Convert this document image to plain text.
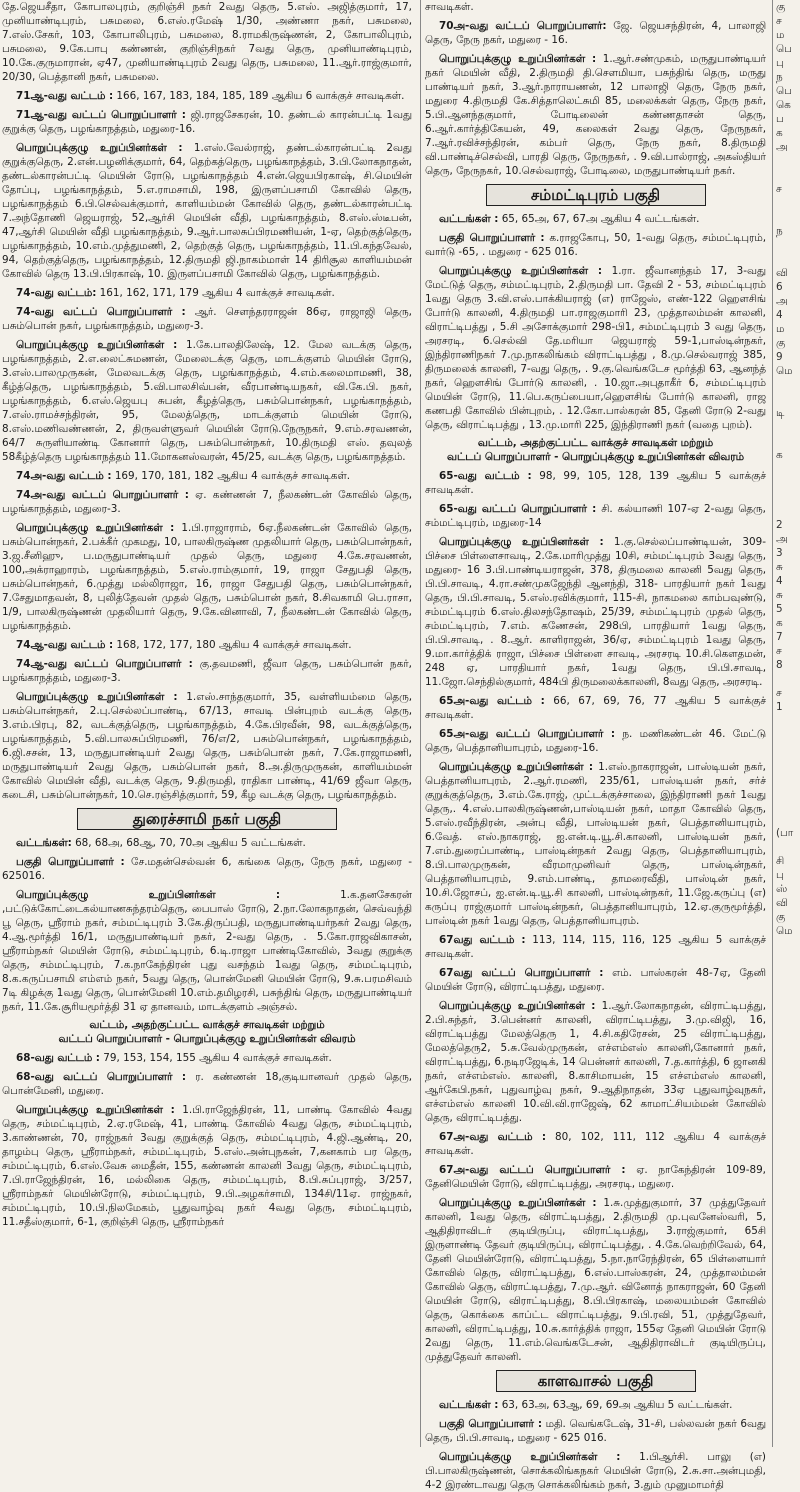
தே.ஜெயசீதா, கோபாலபுரம், குறிஞ்சி நகர் 2வது தெரு, 5.எஸ். அஜித்குமார், 17, முனியாண்டிபுரம், பசுமலை, 6.எஸ்.ரமேஷ் 1/30, அண்ணா நகர், பசுமலை, 7.எஸ்.சேகர், 103, கோபாலிபுரம், பசுமலை, 8.ராமகிருஷ்ணன், 2, கோபாலிபுரம், பசுமலை, 9.கே.பாபு கண்ணன், குறிஞ்சிநகர் 7வது தெரு, முனியாண்டிபுரம், 10.கே.குருமாரான், ஏ47, முனியாண்டிபுரம் 2வது தெரு, பசுமலை, 11.ஆர்.ராஜ்குமார், 20/30, பெத்தானி நகர், பசுமலை.

71ஆ-வது வட்டம் : 166, 167, 183, 184, 185, 189 ஆகிய 6 வாக்குச் சாவடிகள்.

71ஆ-வது வட்டப் பொறுப்பாளர் : ஜி.ராஜசேகரன், 10. தண்டல் காரன்பட்டி 1வது குறுக்கு தெரு, பழங்காநத்தம், மதுரை-16.

பொறுப்புக்குழு உறுப்பினர்கள் : 1.எஸ்.வேல்ராஜ், தண்டல்காரன்பட்டி 2வது குறுக்குதெரு, 2.என்.பழனிக்குமார், 64, தெற்கத்தெரு, பழங்காநத்தம், 3.பி.லோகநாதன், தண்டல்காரன்பட்டி மெயின் ரோடு, பழங்காநத்தம் 4.என்.ஜெயபிரகாஷ், சி.மெயின் தோப்பு, பழங்காநத்தம், 5.எ.ராமசாமி, 198, இருளப்பசாமி கோவில் தெரு, பழங்காநத்தம் 6.பி.செல்வக்குமார், காளியம்மன் கோவில் தெரு, தண்டல்காரன்பட்டி 7.அந்தோணி ஜெயராஜ், 52,ஆர்சி மெயின் வீதி, பழங்காநத்தம், 8.எஸ்.ஸ்டீபன், 47,ஆர்சி மெயின் வீதி பழங்காநத்தம், 9.ஆர்.பாலசுப்பிரமணியன், 1-ஏ, தெற்குத்தெரு, பழங்காநத்தம், 10.எம்.முத்துமணி, 2, தெற்குத் தெரு, பழங்காநத்தம், 11.பி.கந்தவேல், 94, தெற்குத்தெரு, பழங்காநத்தம், 12.திருமதி ஜி.நாகம்மாள் 14 திரிசூல காளியம்மன் கோவில் தெரு 13.பி.பிரகாஷ், 10. இருளப்பசாமி கோவில் தெரு, பழங்காநத்தம்.

74-வது வட்டம்: 161, 162, 171, 179 ஆகிய 4 வாக்குச் சாவடிகள்.

74-வது வட்டப் பொறுப்பாளர் : ஆர். சௌந்தரராஜன் 86ஏ, ராஜாஜி தெரு, பசும்பொன் நகர், பழங்காநத்தம், மதுரை-3.

பொறுப்புக்குழு உறுப்பினர்கள் : 1.கே.பாலதிலேஷ், 12. மேல வடக்கு தெரு, பழங்காநத்தம், 2.எ.லைட்சுமணன், மேலைடக்கு தெரு, மாடக்குளம் மெயின் ரோடு, 3.எஸ்.பாலமுருகன், மேலவடக்கு தெரு, பழங்காநத்தம், 4.எம்.கலைமாமணி, 38, கீழ்த்தெரு, பழங்காநத்தம், 5.வி.பாலசிவ்பன், வீரபாண்டியநகர், வி.கே.பி. நகர், பழங்காநத்தம், 6.எஸ்.ஜெயபு சுபன், கீழத்தெரு, பசும்பொன்நகர், பழங்காநத்தம், 7.எஸ்.ராமச்சந்திரன், 95, மேலத்தெரு, மாடக்குளம் மெயின் ரோடு, 8.எஸ்.மணிவண்ணன், 2, திருவள்ளுவர் மெயின் ரோடு.நேருநகர், 9.எம்.சரவணன், 64/7 சுருளியாண்டி கோனார் தெரு, பசும்பொன்நகர், 10.திருமதி எஸ். தவுலத் 58கீழ்த்தெரு பழங்காநத்தம் 11.மோகனஸ்வரன், 45/25, வடக்கு தெரு, பழங்காநத்தம்.

74அ-வது வட்டம் : 169, 170, 181, 182 ஆகிய 4 வாக்குச் சாவடிகள்.

74அ-வது வட்டப் பொறுப்பாளர் : ஏ. கண்ணன் 7, நீலகண்டன் கோவில் தெரு, பழங்காநத்தம், மதுரை-3.

பொறுப்புக்குழு உறுப்பினர்கள் : 1.பி.ராஜாராம், 6ஏ.நீலகண்டன் கோவில் தெரு, பசும்பொன்நகர், 2.பக்கீர் முகமது, 10, பாலகிருஷ்ண முதலியார் தெரு, பசும்பொன்நகர், 3.ஜ.சீனிஹு, ப.மருதுபாண்டியர் முதல் தெரு, மதுரை 4.கே.சரவணன், 100,அக்ராஹாரம், பழங்காநத்தம், 5.எஸ்.ராம்குமார், 19, ராஜா சேதுபதி தெரு, பசும்பொன்நகர், 6.முத்து மல்லிராஜா, 16, ராஜா சேதுபதி தெரு, பசும்பொன்நகர், 7.சேதுமாதவன், 8, புலித்தேவன் முதல் தெரு, பசும்பொன் நகர், 8.சிவகாமி பெ.ராசா, 1/9, பாலகிருஷ்ணன் முதலியார் தெரு, 9.கே.வினாவி, 7, நீலகண்டன் கோவில் தெரு, பழங்காநத்தம்.

74ஆ-வது வட்டம் : 168, 172, 177, 180 ஆகிய 4 வாக்குச் சாவடிகள்.

74ஆ-வது வட்டப் பொறுப்பாளர் : கு.தவமணி, ஜீவா தெரு, பசும்பொன் நகர், பழங்காநத்தம், மதுரை-3.

பொறுப்புக்குழு உறுப்பினர்கள் : 1.எஸ்.சாந்தகுமார், 35, வள்ளியம்மை தெரு, பசும்பொன்நகர், 2.பு.செல்லப்பாண்டி, 67/13, சாவடி பின்புறம் வடக்கு தெரு, 3.எம்.பிரபு, 82, வடக்குத்தெரு, பழங்காநத்தம், 4.கே.பிரவீன், 98, வடக்குத்தெரு, பழங்காநத்தம், 5.வி.பாலசுப்பிரமணி, 76/எ/2, பசும்பொன்நகர், பழங்காநத்தம், 6.ஜி.சசன், 13, மருதுபாண்டியர் 2வது தெரு, பசும்பொன் நகர், 7.கே.ராஜாமணி, மருதுபாண்டியர் 2வது தெரு, பசும்பொன் நகர், 8.அ.திருமுருகன், காளியம்மன் கோவில் மெயின் வீதி, வடக்கு தெரு, 9.திருமதி, ராதிகா பாண்டி, 41/69 ஜீவா தெரு, கடைசி, பசும்பொன்நகர், 10.செ.ரஞ்சித்குமார், 59, கீழ வடக்கு தெரு, பழங்காநத்தம்.

துரைச்சாமி நகர் பகுதி

வட்டங்கள்: 68, 68அ, 68ஆ, 70, 70அ ஆகிய 5 வட்டங்கள்.

பகுதி பொறுப்பாளர் : சே.மதன்செல்வன் 6, கங்கை தெரு, நேரு நகர், மதுரை - 625016.

பொறுப்புக்குழு உறுப்பினர்கள் : 1.க.தனசேகரன் ,பட்டுக்கோட்டைகல்யாணசுந்தரம்தெரு, பைபாஸ் ரோடு, 2.நா.லோகநாதன், செவ்வந்தி பூ தெரு, ஸ்ரீராம் நகர், சம்மட்டிபுரம் 3.கே.திருப்பதி, மருதுபாண்டியர்நகர் 2வது தெரு, 4.ஆ.மூர்த்தி 16/1, மருதுபாண்டியர் நகர், 2-வது தெரு, . 5.கோ.ராஜவிகாசன், ஸ்ரீராம்நகர் மெயின் ரோடு, சம்மட்டிபுரம், 6.டி.ராஜா பாண்டிகோவில், 3வது குறுக்கு தெரு, சம்மட்டிபுரம், 7.க.நாகேந்திரன் புது வசந்தம் 1வது தெரு, சம்மட்டிபுரம், 8.க.கருப்பசாமி எம்எம் நகர், 5வது தெரு, பொன்மேனி மெயின் ரோடு, 9.சு.பரமசிவம் 7டி கிழக்கு 1வது தெரு, பொன்மேனி 10.எம்.தமிழரசி, பசுந்திங் தெரு, மருதுபாண்டியர் நகர், 11.கே.சூரியமூர்த்தி 31 ஏ தானவம், மாடக்குளம் அஞ்சல்.

வட்டம், அதற்குட்பட்ட வாக்குச் சாவடிகள் மற்றும்
வட்டப் பொறுப்பாளர் - பொறுப்புக்குழு உறுப்பினர்கள் விவரம்

68-வது வட்டம் : 79, 153, 154, 155 ஆகிய 4 வாக்குச் சாவடிகள்.

68-வது வட்டப் பொறுப்பாளர் : ர. கண்ணன் 18,குடியானவர் முதல் தெரு, பொன்மேனி, மதுரை.

பொறுப்புக்குழு உறுப்பினர்கள் : 1.பி.ராஜேந்திரன், 11, பாண்டி கோவில் 4வது தெரு, சம்மட்டிபுரம், 2.ஏ.ரமேஷ், 41, பாண்டி கோவில் 4வது தெரு, சம்மட்டிபுரம், 3.காண்ணன், 70, ராஜ்நகர் 3வது குறுக்குத் தெரு, சம்மட்டிபுரம், 4.ஜி.ஆண்டி, 20, தாழம்பு தெரு, ஸ்ரீராம்நகர், சம்மட்டிபுரம், 5.எஸ்.அன்புநகன், 7,கனகாம் பர தெரு, சம்மட்டிபுரம், 6.எஸ்.வேசு மைதீன், 155, கண்ணன் காலனி 3வது தெரு, சம்மட்டிபுரம், 7.பி.ராஜேந்திரன், 16, மல்லிகை தெரு, சம்மட்டிபுரம், 8.பி.சுப்புராஜ், 3/257, ஸ்ரீராம்நகர் மெயின்ரோடு, சம்மட்டிபுரம், 9.பி.அழகர்சாமி, 134சி/11ஏ. ராஜ்நகர், சம்மட்டிபுரம், 10.பி.நிலமேகம், பூதுவாழ்வு நகர் 4வது தெரு, சம்மட்டிபுரம், 11.சதீஸ்குமார், 6-1, குறிஞ்சி தெரு, ஸ்ரீராம்நகர்

சாவடிகள்.

70அ-வது வட்டப் பொறுப்பாளர்: ஜே. ஜெயசந்திரன், 4, பாலாஜி தெரு, நேரு நகர், மதுரை - 16.

பொறுப்புக்குழு உறுப்பினர்கள் : 1.ஆர்.சண்முகம், மருதுபாண்டியர் நகர் மெயின் வீதி, 2.திருமதி தி.சௌமியா, பசுந்திங் தெரு, மருது பாண்டியர் நகர், 3.ஆர்.நாராயணன், 12 பாலாஜி தெரு, நேரு நகர், மதுரை 4.திருமதி கே.சித்தாலெட்சுமி 85, மலைக்கள் தெரு, நேரு நகர், 5.பி.ஆனந்தகுமார், போடிலைன் கண்ணதாசன் தெரு, 6.ஆர்.கார்த்திகேயன், 49, கலைகள் 2வது தெரு, நேருநகர், 7.ஆர்.ரவிச்சந்திரன், கம்பர் தெரு, நேரு நகர், 8.திருமதி வி.பாண்டிச்செல்வி, பாரதி தெரு, நேருநகர், . 9.வி.பால்ராஜ், அகஸ்தியர் தெரு, நேருநகர், 10.செல்வராஜ், போடிலை, மருதுபாண்டியர் நகர்.

சம்மட்டிபுரம் பகுதி

வட்டங்கள் : 65, 65அ, 67, 67அ ஆகிய 4 வட்டங்கள்.

பகுதி பொறுப்பாளர் : க.ராஜகோபு, 50, 1-வது தெரு, சம்மட்டிபுரம், வார்டு -65, . மதுரை - 625 016.

பொறுப்புக்குழு உறுப்பினர்கள் : 1.ரா. ஜீவானந்தம் 17, 3-வது மேட்டுத் தெரு, சம்மட்டிபுரம், 2.திருமதி பா. தேவி 2 - 53, சம்மட்டிபுரம் 1வது தெரு 3.வி.எஸ்.பாக்கியராஜ் (எ) ராஜேஸ், எண்-122 ஹௌசிங் போர்டு காலனி, 4.திருமதி பா.ராஜகுமாரி 23, முத்தாலம்மன் காலனி, விராட்டிபத்து , 5.சி அசோக்குமார் 298-பி1, சம்மட்டிபுரம் 3 வது தெரு, அரசரடி, 6.செல்வி தே.மரியா ஜெயராஜ் 59-1,பாஸ்டின்நகர், இந்திராணிநகர் 7.மு.நாகலிங்கம் விராட்டிபத்து , 8.மு.செல்வராஜ் 385, திருமலைக் காலனி, 7-வது தெரு, . 9.கு.வெங்கடேச மூர்த்தி 63, ஆனந்த் நகர், ஹௌசிங் போர்டு காலனி, . 10.ஜா.அபுதாகீர் 6, சம்மட்டிபுரம் மெயின் ரோடு, 11.பெ.கருப்பையா,ஹௌசிங் போர்டு காலனி, ராஜ கணபதி கோவில் பின்புறம், . 12.கோ.பால்கரன் 85, தேனி ரோடு 2-வது தெரு, விராட்டிபத்து , 13.மு.மாரி 225, இந்திராணி நகர் (வதை புறம்).

வட்டம், அதற்குட்பட்ட வாக்குச் சாவடிகள் மற்றும்
வட்டப் பொறுப்பாளர் - பொறுப்புக்குழு உறுப்பினர்கள் விவரம்

65-வது வட்டம் : 98, 99, 105, 128, 139 ஆகிய 5 வாக்குச் சாவடிகள்.

65-வது வட்டப் பொறுப்பாளர் : சி. கல்யாணி 107-ஏ 2-வது தெரு, சம்மட்டிபுரம், மதுரை-14

பொறுப்புக்குழு உறுப்பினர்கள் : 1.கு.செல்லப்பாண்டியன், 309-பிச்சை பிள்ளைசாவடி, 2.கே.மாரிமுத்து 10சி, சம்மட்டிபுரம் 3வது தெரு, மதுரை- 16 3.பி.பாண்டியராஜன், 378, திருமலை காலனி 5வது தெரு, பி.பி.சாவடி, 4.ரா.சண்முகஜேந்தி ஆனந்தி, 318- பாரதியார் நகர் 1வது தெரு, பி.பி.சாவடி, 5.எஸ்.ரவிக்குமார், 115-சி, நாகமலை காம்பவுண்டு, சம்மட்டிபுரம் 6.எஸ்.திலசந்தோஷம், 25/39, சம்மட்டிபுரம் முதல் தெரு, சம்மட்டிபுரம், 7.எம். கணேசன், 298பி, பாரதியார் 1வது தெரு, பி.பி.சாவடி, . 8.ஆர். காளிராஜன், 36/ஏ, சம்மட்டிபுரம் 1வது தெரு, 9.மா.கார்த்திக் ராஜா, பிச்சை பிள்ளை சாவடி, அரசரடி 10.சி.கௌதமன், 248 ஏ, பாரதியார் நகர், 1வது தெரு, பி.பி.சாவடி, 11.ஜோ.செந்தில்குமார், 484பி திருமலைக்காலனி, 8வது தெரு, அரசரடி.

65அ-வது வட்டம் : 66, 67, 69, 76, 77 ஆகிய 5 வாக்குச் சாவடிகள்.

65அ-வது வட்டப் பொறுப்பாளர் : ந. மணிகண்டன் 46. மேட்டு தெரு, பெத்தானியாபுரம், மதுரை-16.

பொறுப்புக்குழு உறுப்பினர்கள் : 1.எஸ்.நாகராஜன், பாஸ்டியன் நகர், பெத்தானியாபுரம், 2.ஆர்.ரமணி, 235/61, பாஸ்டியன் நகர், சர்ச் குறுக்குத்தெரு, 3.எம்.கே.ராஜ், முட்டக்குச்சாலை, இந்திராணி நகர் 1வது தெரு,. 4.எஸ்.பாலகிருஷ்ணன்,பாஸ்டியன் நகர், மாதா கோவில் தெரு, 5.எஸ்.ரவீந்திரன், அன்பு வீதி, பாஸ்டியன் நகர், பெத்தானியாபுரம், 6.வேத். எஸ்.நாகராஜ், ஐ.என்.டி.யூ.சி.காலனி, பாஸ்டியன் நகர், 7.எம்.துரைப்பாண்டி, பாஸ்டின்நகர் 2வது தெரு, பெத்தானியாபுரம், 8.பி.பாலமுருகன், வீரமாமுனிவர் தெரு, பாஸ்டின்நகர், பெத்தானியாபுரம், 9.எம்.பாண்டி, தாமரைவீதி, பாஸ்டின் நகர், 10.சி.ஜோசப், ஐ.என்.டி.யூ.சி காலனி, பாஸ்டின்நகர், 11.ஜே.கருப்பு (எ) கருப்பு ராஜ்குமார் பாஸ்டின்நகர், பெத்தானியாபுரம், 12.ஏ.குருமூர்த்தி, பாஸ்டின் நகர் 1வது தெரு, பெத்தானியாபுரம்.

67வது வட்டம் : 113, 114, 115, 116, 125 ஆகிய 5 வாக்குச் சாவடிகள்.

67வது வட்டப் பொறுப்பாளர் : எம். பாஸ்கரன் 48-7ஏ, தேனி மெயின் ரோடு, விராட்டிபத்து, மதுரை.

பொறுப்புக்குழு உறுப்பினர்கள் : 1.ஆர்.லோகநாதன், விராட்டிபத்து, 2.பி.சுந்தர், 3.பென்னர் காலனி, விராட்டிபத்து, 3.மு.விஜி, 16, விராட்டிபத்து மேலத்தெரு 1, 4.சி.கதிரேசன், 25 விராட்டிபத்து, மேலத்தெரு2, 5.சு.வேல்முருகன், எச்எம்எஸ் காலனி,கோனார் நகர், விராட்டிபத்து, 6.நடிரஜேடிக், 14 பென்னர் காலனி, 7.த.கார்த்தி, 6 ஜானகி நகர், எச்எம்எஸ். காலனி, 8.காசிமாயன், 15 எச்எம்எஸ் காலனி, ஆர்கேபி.நகர், புதுவாழ்வு நகர், 9.ஆதிநாதன், 33ஏ புதுவாழ்வுநகர், எச்எம்எஸ் காலனி 10.வி.வி.ராஜேஷ், 62 காமாட்சியம்மன் கோவில் தெரு, விராட்டிபத்து.

67அ-வது வட்டம் : 80, 102, 111, 112 ஆகிய 4 வாக்குச் சாவடிகள்.

67அ-வது வட்டப் பொறுப்பாளர் : ஏ. நாகேந்திரன் 109-89, தேனிமெயின் ரோடு, விராட்டிபத்து, அரசரடி, மதுரை.

பொறுப்புக்குழு உறுப்பினர்கள் : 1.சு.முத்துகுமார், 37 முத்துதேவர் காலனி, 1வது தெரு, விராட்டிபத்து, 2.திருமதி மு.புவனேஸ்வரி, 5, ஆதிதிராவிடர் குடியிருப்பு, விராட்டிபத்து, 3.ராஜ்குமார், 65சி இருளாண்டி தேவர் குடியிருப்பு, விராட்டிபத்து, . 4.கே.வெற்றிவேல், 64, தேனி மெயின்ரோடு, விராட்டிபத்து, 5.நா.நாரேந்திரன், 65 பிள்ளையார் கோவில் தெரு, விராட்டிபத்து, 6.எஸ்.பாஸ்கரன், 24, முத்தாலம்மன் கோவில் தெரு, விராட்டிபத்து, 7.மு.ஆர். வினோத் நாகராஜன், 60 தேனி மெயின் ரோடு, விராட்டிபத்து, 8.பி.பிரகாஷ், மலையம்மன் கோவில் தெரு, கொக்கை காப்ட்ட விராட்டிபத்து, 9.பி.ரவி, 51, முத்துதேவர், காலனி, விராட்டிபத்து, 10.சு.கார்த்திக் ராஜா, 155ஏ தேனி மெயின் ரோடு 2வது தெரு, 11.எம்.வெங்கடேசன், ஆதிதிராவிடர் குடியிருப்பு, முத்துதேவர் காலனி.

காளவாசல் பகுதி

வட்டங்கள் : 63, 63அ, 63ஆ, 69, 69அ ஆகிய 5 வட்டங்கள்.

பகுதி பொறுப்பாளர் : மதி. வெங்கடேஷ், 31-சி, பல்லவன் நகர் 6வது தெரு, பி.பி.சாவடி, மதுரை - 625 016.

பொறுப்புக்குழு உறுப்பினர்கள் : 1.பிஆர்சி. பாலு (எ) பி.பாலகிருஷ்ணன், சொக்கலிங்கநகர் மெயின் ரோடு, 2.சு.சா.அன்புமதி, 4-2 இரண்டாவது தெரு சொக்கலிங்கம் நகர், 3.தும் முனுமாமர்தி

கு
ச
ம
பெ
பு
ந
பெ
கெ
ப
க
அ

ச

ந

வி
6
அ
4
ம
கு
9
மெ

டி

க

2
அ
3
சு
4
சு
5
க
7
ச
8

ச
1

(பா

சி
பு
ஸ்
வி
கு
மெ
